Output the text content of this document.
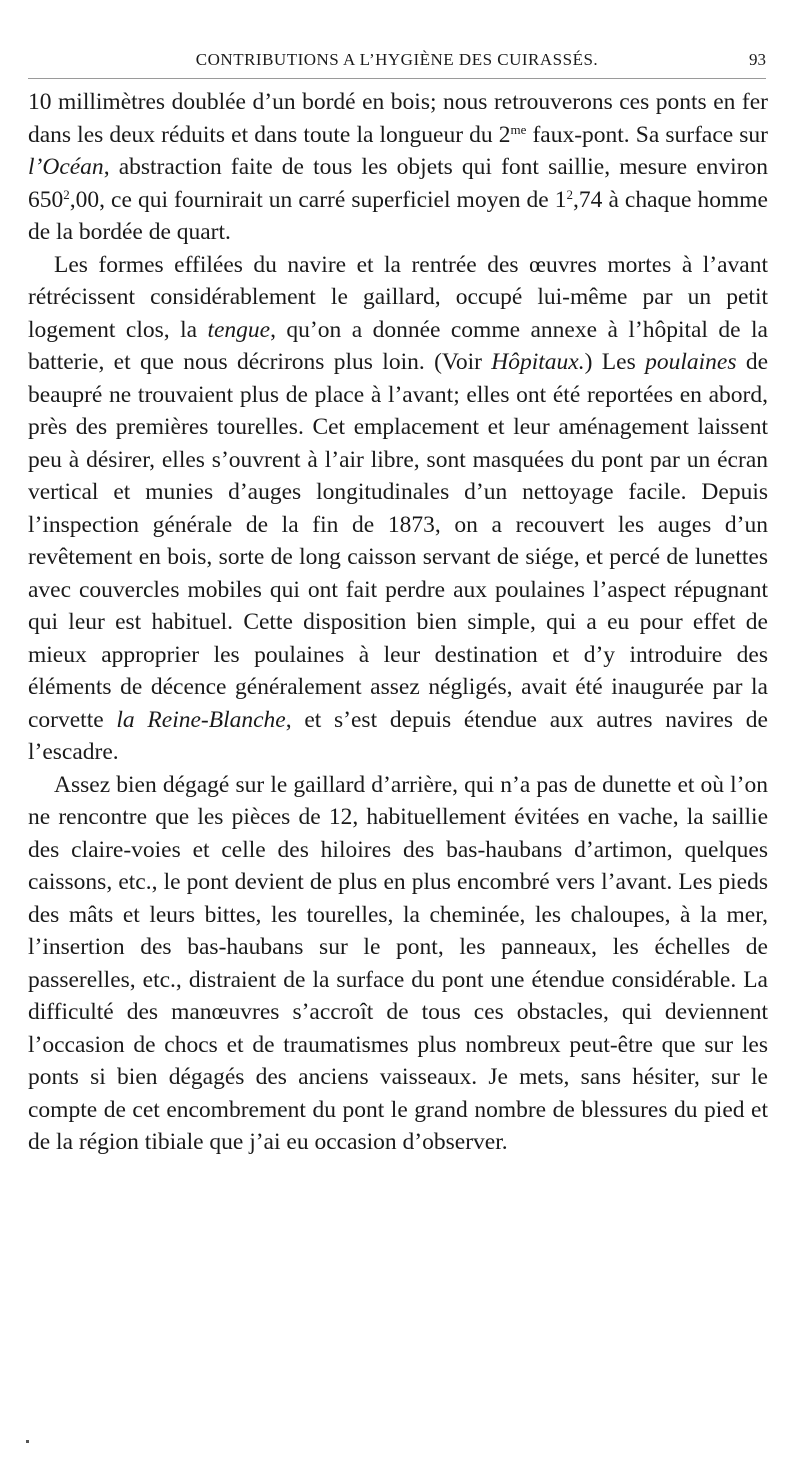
CONTRIBUTIONS A L’HYGIÈNE DES CUIRASSÉS.	93

10 millimètres doublée d’un bordé en bois; nous retrouverons ces ponts en fer dans les deux réduits et dans toute la longueur du $2^{me}$ faux-pont. Sa surface sur l’Océan, abstraction faite de tous les objets qui font saillie, mesure environ $650^2,00$, ce qui fournirait un carré superficiel moyen de $1^2,74$ à chaque homme de la bordée de quart.

Les formes effilées du navire et la rentrée des œuvres mortes à l’avant rétrécissent considérablement le gaillard, occupé lui-même par un petit logement clos, la tengue, qu’on a donnée comme annexe à l’hôpital de la batterie, et que nous décrirons plus loin. (Voir Hôpitaux.) Les poulaines de beaupré ne trouvaient plus de place à l’avant; elles ont été reportées en abord, près des premières tourelles. Cet emplacement et leur aménagement laissent peu à désirer, elles s’ouvrent à l’air libre, sont masquées du pont par un écran vertical et munies d’auges longitudinales d’un nettoyage facile. Depuis l’inspection générale de la fin de 1873, on a recouvert les auges d’un revêtement en bois, sorte de long caisson servant de siége, et percé de lunettes avec couvercles mobiles qui ont fait perdre aux poulaines l’aspect répugnant qui leur est habituel. Cette disposition bien simple, qui a eu pour effet de mieux approprier les poulaines à leur destination et d’y introduire des éléments de décence généralement assez négligés, avait été inaugurée par la corvette la Reine-Blanche, et s’est depuis étendue aux autres navires de l’escadre.

Assez bien dégagé sur le gaillard d’arrière, qui n’a pas de dunette et où l’on ne rencontre que les pièces de 12, habituellement évitées en vache, la saillie des claire-voies et celle des hiloires des bas-haubans d’artimon, quelques caissons, etc., le pont devient de plus en plus encombré vers l’avant. Les pieds des mâts et leurs bittes, les tourelles, la cheminée, les chaloupes, à la mer, l’insertion des bas-haubans sur le pont, les panneaux, les échelles de passerelles, etc., distraient de la surface du pont une étendue considérable. La difficulté des manœuvres s’accroît de tous ces obstacles, qui deviennent l’occasion de chocs et de traumatismes plus nombreux peut-être que sur les ponts si bien dégagés des anciens vaisseaux. Je mets, sans hésiter, sur le compte de cet encombrement du pont le grand nombre de blessures du pied et de la région tibiale que j’ai eu occasion d’observer.
